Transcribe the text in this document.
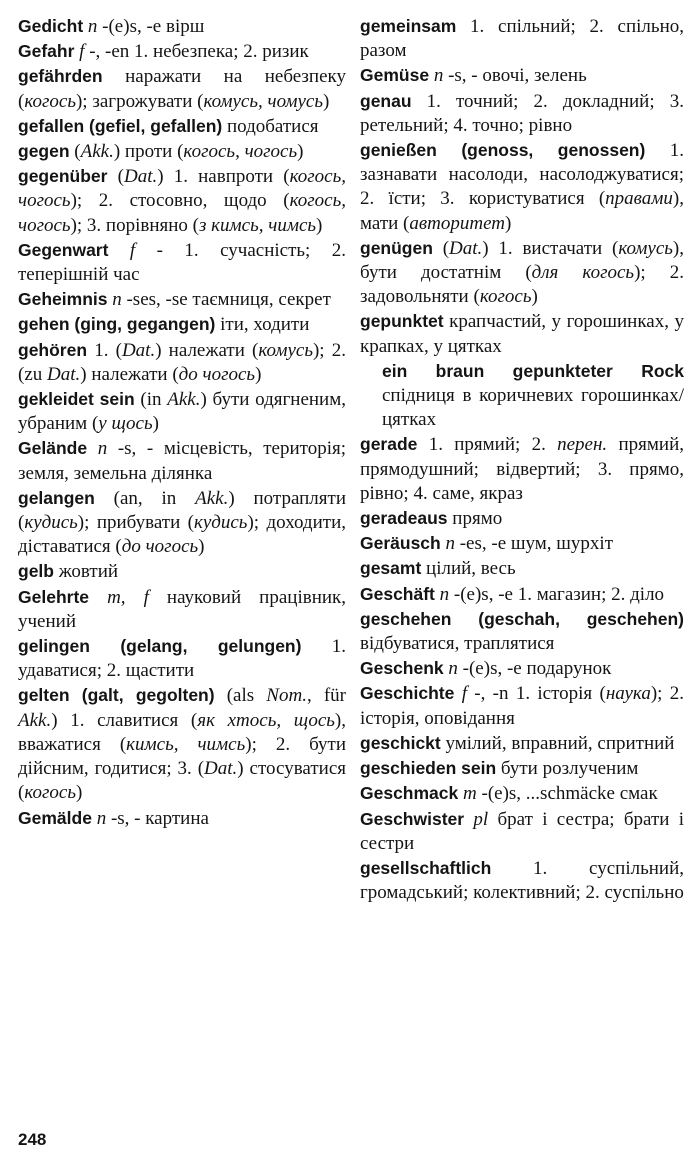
Gedicht n -(e)s, -e вірш
Gefahr f -, -en 1. небезпека; 2. ризик
gefährden наражати на небезпеку (когось); загрожувати (комусь, чомусь)
gefallen (gefiel, gefallen) подобатися
gegen (Akk.) проти (когось, чогось)
gegenüber (Dat.) 1. навпроти (когось, чогось); 2. стосовно, щодо (когось, чогось); 3. порівняно (з кимсь, чимсь)
Gegenwart f - 1. сучасність; 2. теперішній час
Geheimnis n -ses, -se таємниця, секрет
gehen (ging, gegangen) іти, ходити
gehören 1. (Dat.) належати (комусь); 2. (zu Dat.) належати (до чогось)
gekleidet sein (in Akk.) бути одягненим, убраним (у щось)
Gelände n -s, - місцевість, територія; земля, земельна ділянка
gelangen (an, in Akk.) потрапляти (кудись); прибувати (кудись); доходити, діставатися (до чогось)
gelb жовтий
Gelehrte m, f науковий працівник, учений
gelingen (gelang, gelungen) 1. удаватися; 2. щастити
gelten (galt, gegolten) (als Nom., für Akk.) 1. славитися (як хтось, щось), вважатися (кимсь, чимсь); 2. бути дійсним, годитися; 3. (Dat.) стосуватися (когось)
Gemälde n -s, - картина
gemeinsam 1. спільний; 2. спільно, разом
Gemüse n -s, - овочі, зелень
genau 1. точний; 2. докладний; 3. ретельний; 4. точно; рівно
genießen (genoss, genossen) 1. зазнавати насолоди, насолоджуватися; 2. їсти; 3. користуватися (правами), мати (авторитет)
genügen (Dat.) 1. вистачати (комусь), бути достатнім (для когось); 2. задовольняти (когось)
gepunktet крапчастий, у горошинках, у крапках, у цятках
ein braun gepunkteter Rock спідниця в коричневих горошинках/цятках
gerade 1. прямий; 2. перен. прямий, прямодушний; відвертий; 3. прямо, рівно; 4. саме, якраз
geradeaus прямо
Geräusch n -es, -e шум, шурхіт
gesamt цілий, весь
Geschäft n -(e)s, -e 1. магазин; 2. діло
geschehen (geschah, geschehen) відбуватися, траплятися
Geschenk n -(e)s, -e подарунок
Geschichte f -, -n 1. історія (наука); 2. історія, оповідання
geschickt умілий, вправний, спритний
geschieden sein бути розлученим
Geschmack m -(e)s, ...schmäcke смак
Geschwister pl брат і сестра; брати і сестри
gesellschaftlich 1. суспільний, громадський; колективний; 2. суспільно
248
